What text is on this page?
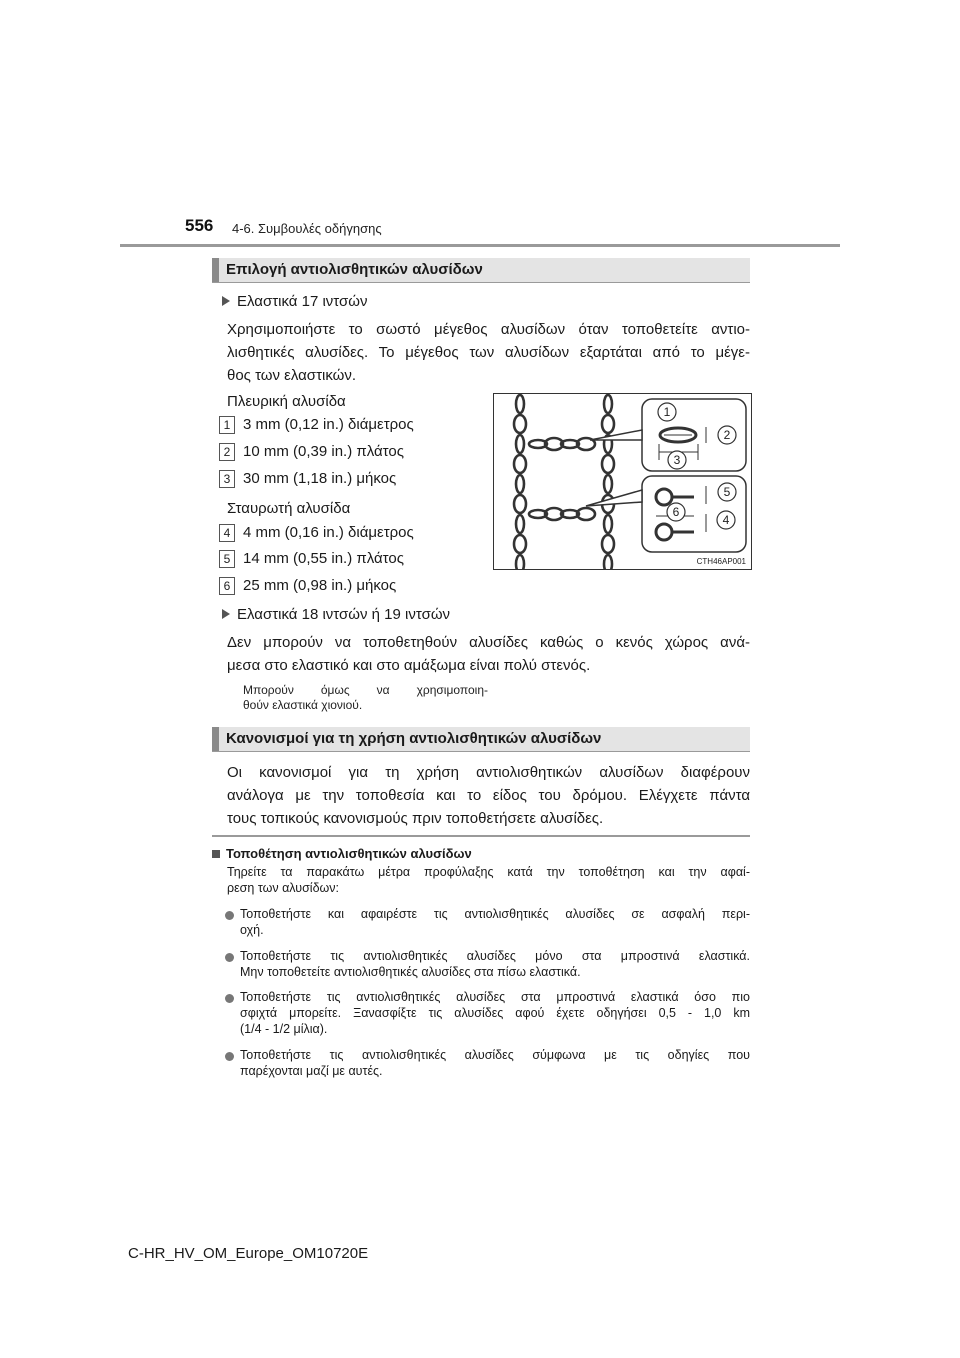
556 4-6. Συμβουλές οδήγησης
Επιλογή αντιολισθητικών αλυσίδων
Ελαστικά 17 ιντσών
Χρησιμοποιήστε το σωστό μέγεθος αλυσίδων όταν τοποθετείτε αντιο-
λισθητικές αλυσίδες. Το μέγεθος των αλυσίδων εξαρτάται από το μέγε-
θος των ελαστικών.
Πλευρική αλυσίδα
1 3 mm (0,12 in.) διάμετρος
2 10 mm (0,39 in.) πλάτος
3 30 mm (1,18 in.) μήκος
Σταυρωτή αλυσίδα
4 4 mm (0,16 in.) διάμετρος
5 14 mm (0,55 in.) πλάτος
6 25 mm (0,98 in.) μήκος
1
2
3
4
5
6
CTH46AP001
Ελαστικά 18 ιντσών ή 19 ιντσών
Δεν μπορούν να τοποθετηθούν αλυσίδες καθώς ο κενός χώρος ανά-
μεσα στο ελαστικό και στο αμάξωμα είναι πολύ στενός.
Μπορούν όμως να χρησιμοποιη-
θούν ελαστικά χιονιού.
Κανονισμοί για τη χρήση αντιολισθητικών αλυσίδων
Οι κανονισμοί για τη χρήση αντιολισθητικών αλυσίδων διαφέρουν
ανάλογα με την τοποθεσία και το είδος του δρόμου. Ελέγχετε πάντα
τους τοπικούς κανονισμούς πριν τοποθετήσετε αλυσίδες.
Τοποθέτηση αντιολισθητικών αλυσίδων
Τηρείτε τα παρακάτω μέτρα προφύλαξης κατά την τοποθέτηση και την αφαί-
ρεση των αλυσίδων:
Τοποθετήστε και αφαιρέστε τις αντιολισθητικές αλυσίδες σε ασφαλή περι-
οχή.
Τοποθετήστε τις αντιολισθητικές αλυσίδες μόνο στα μπροστινά ελαστικά.
Μην τοποθετείτε αντιολισθητικές αλυσίδες στα πίσω ελαστικά.
Τοποθετήστε τις αντιολισθητικές αλυσίδες στα μπροστινά ελαστικά όσο πιο
σφιχτά μπορείτε. Ξανασφίξτε τις αλυσίδες αφού έχετε οδηγήσει 0,5 - 1,0 km
(1/4 - 1/2 μίλια).
Τοποθετήστε τις αντιολισθητικές αλυσίδες σύμφωνα με τις οδηγίες που
παρέχονται μαζί με αυτές.
C-HR_HV_OM_Europe_OM10720E
